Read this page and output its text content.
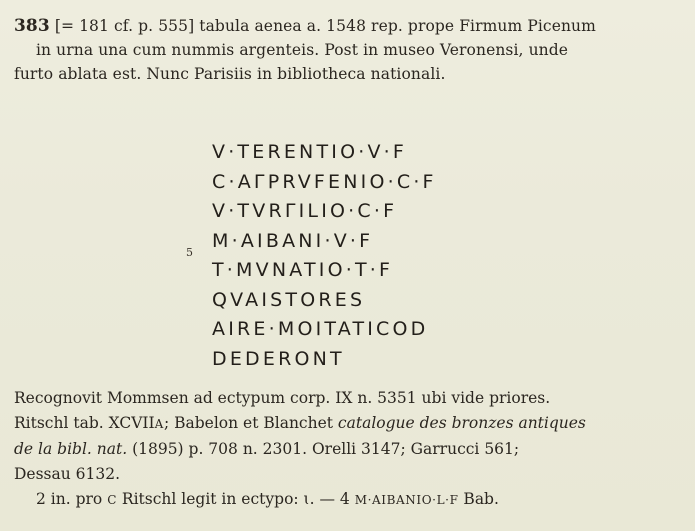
383 [= 181 cf. p. 555] tabula aenea a. 1548 rep. prope Firmum Picenum
in urna una cum nummis argenteis. Post in museo Veronensi, unde
furto ablata est. Nunc Parisiis in bibliotheca nationali.
Ⅴ·TERENTIO·Ⅴ·F
C·AΓΡRVFENIO·C·F
Ⅴ·TVRΓILIO·C·F
M·AΙBANI·Ⅴ·F
T·MVNATIO·T·F
QVAISTORES
AIRE·MOΙTATICOD
DEDERONT
5
Recognovit Mommsen ad ectypum corp. IX n. 5351 ubi vide priores.
Ritschl tab. XCVIIA; Babelon et Blanchet catalogue des bronzes antiques
de la bibl. nat. (1895) p. 708 n. 2301. Orelli 3147; Garrucci 561;
Dessau 6132.
2 in. pro C Ritschl legit in ectypo: ɩ. — 4 M·AΙBANIO·L·F Bab.
